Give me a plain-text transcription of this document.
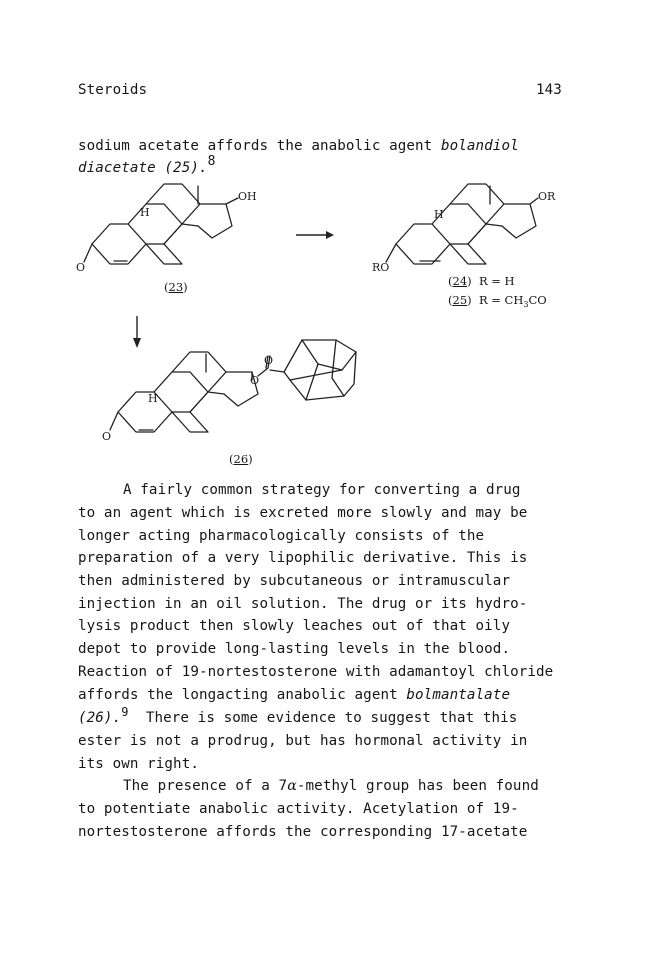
Steroids	143
sodium acetate affords the anabolic agent bolandiol
diacetate (25).8
OH
H
O
OR
H
RO
O
O
H
O
(23)	(24)  R = H
(25)  $R = CH_3CO$
(26)
A fairly common strategy for converting a drug
to an agent which is excreted more slowly and may be
longer acting pharmacologically consists of the
preparation of a very lipophilic derivative. This is
then administered by subcutaneous or intramuscular
injection in an oil solution. The drug or its hydro-
lysis product then slowly leaches out of that oily
depot to provide long-lasting levels in the blood.
Reaction of 19-nortestosterone with adamantoyl chloride
affords the longacting anabolic agent bolmantalate
(26).$^9$  There is some evidence to suggest that this
ester is not a prodrug, but has hormonal activity in
its own right.
The presence of a 7α-methyl group has been found
to potentiate anabolic activity. Acetylation of 19-
nortestosterone affords the corresponding 17-acetate
